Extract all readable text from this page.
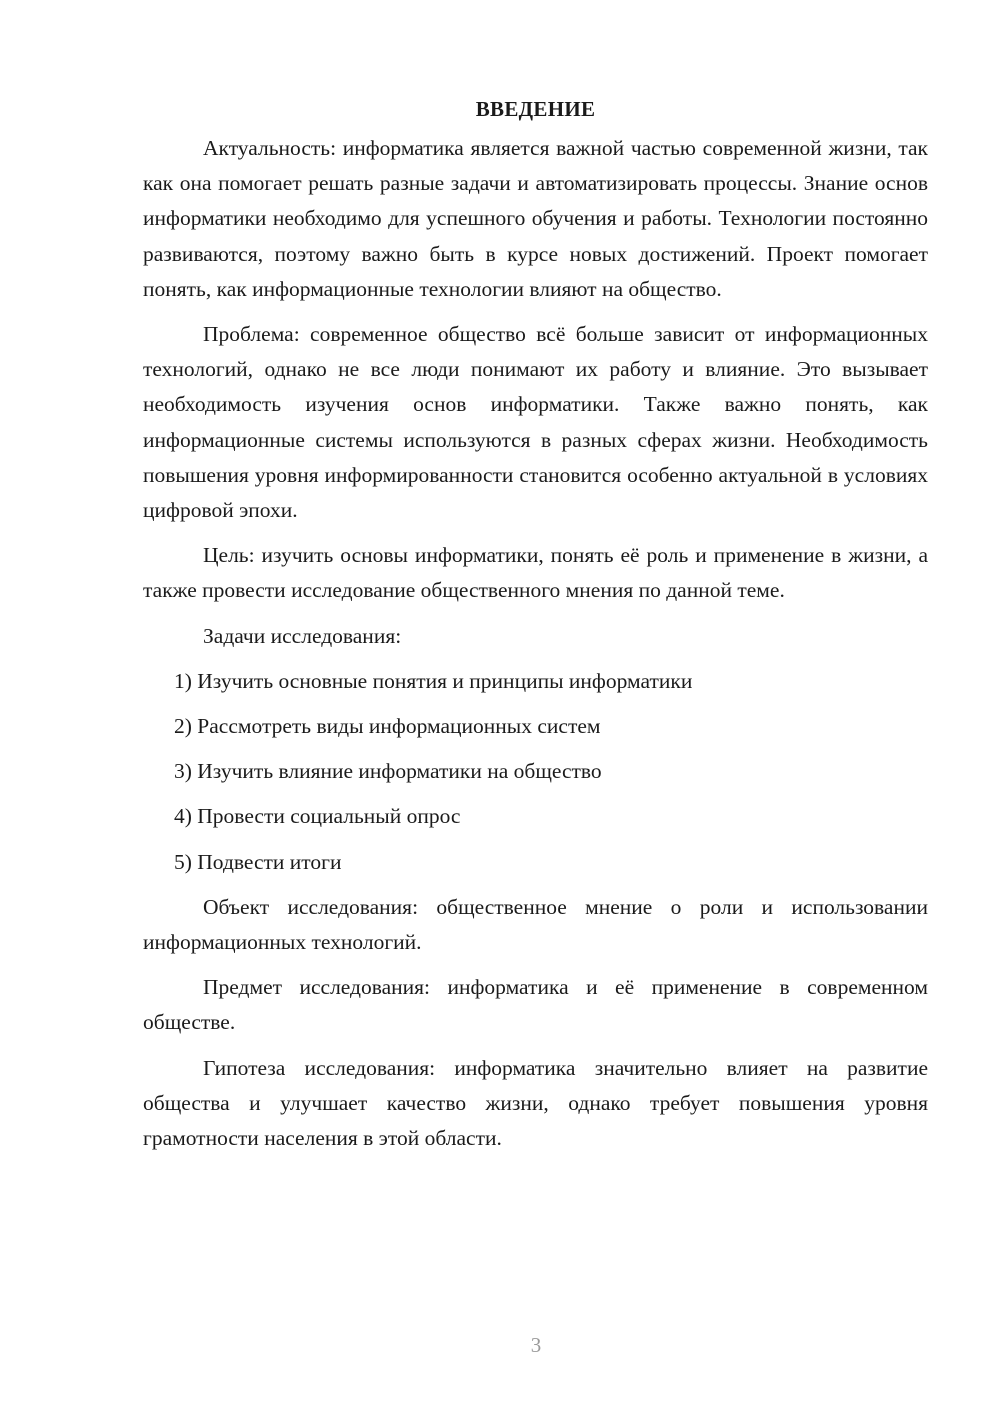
ВВЕДЕНИЕ

Актуальность: информатика является важной частью современной жизни, так как она помогает решать разные задачи и автоматизировать процессы. Знание основ информатики необходимо для успешного обучения и работы. Технологии постоянно развиваются, поэтому важно быть в курсе новых достижений. Проект помогает понять, как информационные технологии влияют на общество.

Проблема: современное общество всё больше зависит от информационных технологий, однако не все люди понимают их работу и влияние. Это вызывает необходимость изучения основ информатики. Также важно понять, как информационные системы используются в разных сферах жизни. Необходимость повышения уровня информированности становится особенно актуальной в условиях цифровой эпохи.

Цель: изучить основы информатики, понять её роль и применение в жизни, а также провести исследование общественного мнения по данной теме.

Задачи исследования:

1) Изучить основные понятия и принципы информатики
2) Рассмотреть виды информационных систем
3) Изучить влияние информатики на общество
4) Провести социальный опрос
5) Подвести итоги

Объект исследования: общественное мнение о роли и использовании информационных технологий.

Предмет исследования: информатика и её применение в современном обществе.

Гипотеза исследования: информатика значительно влияет на развитие общества и улучшает качество жизни, однако требует повышения уровня грамотности населения в этой области.

3
